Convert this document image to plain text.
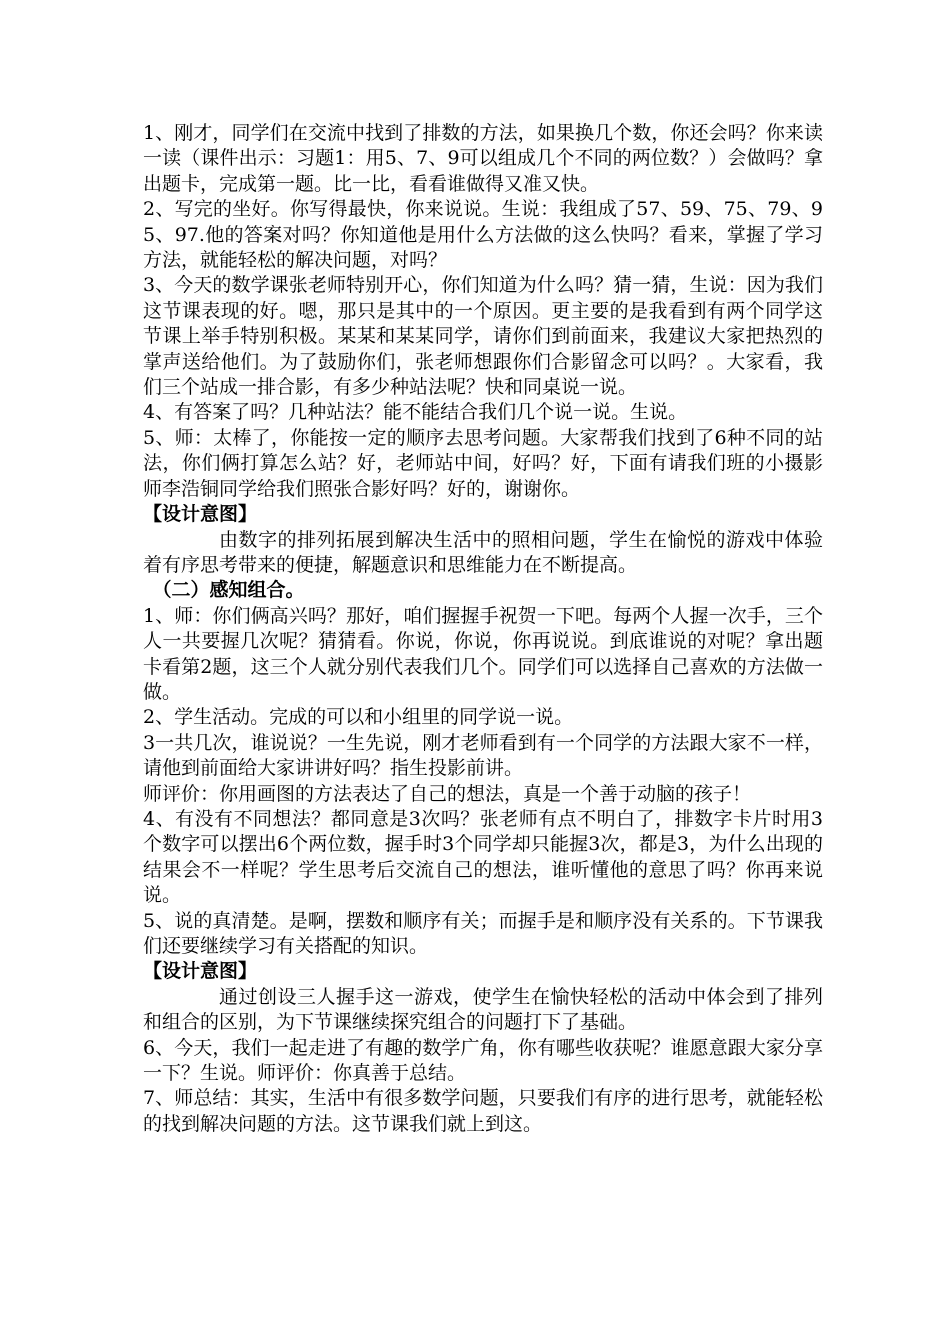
1、刚才，同学们在交流中找到了排数的方法，如果换几个数，你还会吗？你来读一读（课件出示：习题1：用5、7、9可以组成几个不同的两位数？）会做吗？拿出题卡，完成第一题。比一比，看看谁做得又准又快。

2、写完的坐好。你写得最快，你来说说。生说：我组成了57、59、75、79、95、97.他的答案对吗？你知道他是用什么方法做的这么快吗？看来，掌握了学习方法，就能轻松的解决问题，对吗？

3、今天的数学课张老师特别开心，你们知道为什么吗？猜一猜，生说：因为我们这节课表现的好。嗯，那只是其中的一个原因。更主要的是我看到有两个同学这节课上举手特别积极。某某和某某同学，请你们到前面来，我建议大家把热烈的掌声送给他们。为了鼓励你们，张老师想跟你们合影留念可以吗？。大家看，我们三个站成一排合影，有多少种站法呢？快和同桌说一说。

4、有答案了吗？几种站法？能不能结合我们几个说一说。生说。

5、师：太棒了，你能按一定的顺序去思考问题。大家帮我们找到了6种不同的站法，你们俩打算怎么站？好，老师站中间，好吗？好，下面有请我们班的小摄影师李浩铜同学给我们照张合影好吗？好的，谢谢你。

【设计意图】

由数字的排列拓展到解决生活中的照相问题，学生在愉悦的游戏中体验着有序思考带来的便捷，解题意识和思维能力在不断提高。

（二）感知组合。

1、师：你们俩高兴吗？那好，咱们握握手祝贺一下吧。每两个人握一次手，三个人一共要握几次呢？猜猜看。你说，你说，你再说说。到底谁说的对呢？拿出题卡看第2题，这三个人就分别代表我们几个。同学们可以选择自己喜欢的方法做一做。

2、学生活动。完成的可以和小组里的同学说一说。

3一共几次，谁说说？一生先说，刚才老师看到有一个同学的方法跟大家不一样，请他到前面给大家讲讲好吗？指生投影前讲。

师评价：你用画图的方法表达了自己的想法，真是一个善于动脑的孩子！

4、有没有不同想法？都同意是3次吗？张老师有点不明白了，排数字卡片时用3个数字可以摆出6个两位数，握手时3个同学却只能握3次，都是3，为什么出现的结果会不一样呢？学生思考后交流自己的想法，谁听懂他的意思了吗？你再来说说。

5、说的真清楚。是啊，摆数和顺序有关；而握手是和顺序没有关系的。下节课我们还要继续学习有关搭配的知识。

【设计意图】

通过创设三人握手这一游戏，使学生在愉快轻松的活动中体会到了排列和组合的区别，为下节课继续探究组合的问题打下了基础。

6、今天，我们一起走进了有趣的数学广角，你有哪些收获呢？谁愿意跟大家分享一下？生说。师评价：你真善于总结。

7、师总结：其实，生活中有很多数学问题，只要我们有序的进行思考，就能轻松的找到解决问题的方法。这节课我们就上到这。
